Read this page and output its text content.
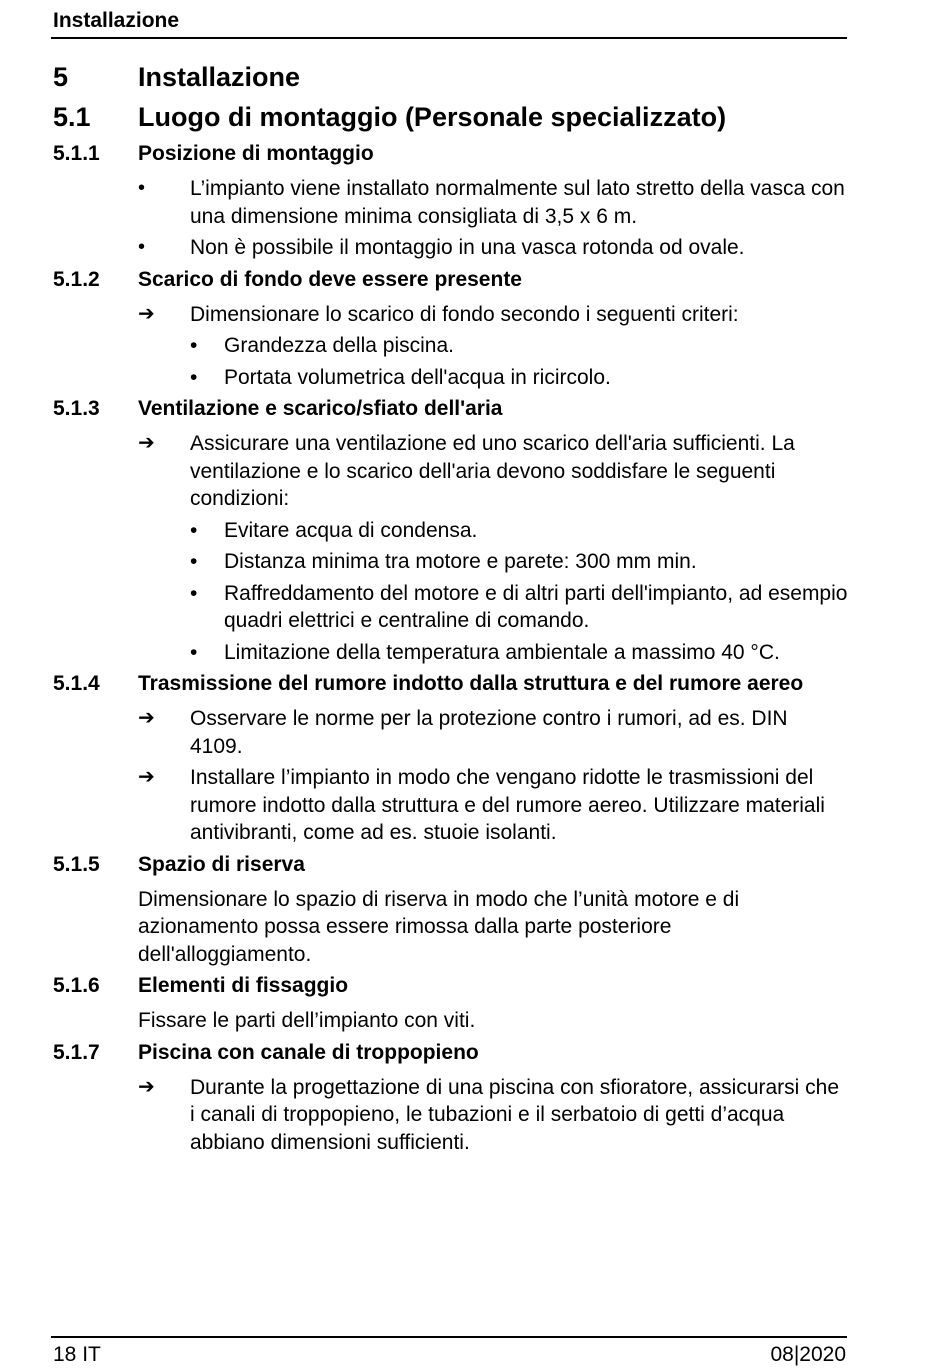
Installazione
5	Installazione
5.1	Luogo di montaggio (Personale specializzato)
5.1.1	Posizione di montaggio
•	L’impianto viene installato normalmente sul lato stretto della vasca con una dimensione minima consigliata di 3,5 x 6 m.
•	Non è possibile il montaggio in una vasca rotonda od ovale.
5.1.2	Scarico di fondo deve essere presente
➔	Dimensionare lo scarico di fondo secondo i seguenti criteri:
•	Grandezza della piscina.
•	Portata volumetrica dell'acqua in ricircolo.
5.1.3	Ventilazione e scarico/sfiato dell'aria
➔	Assicurare una ventilazione ed uno scarico dell'aria sufficienti. La ventilazione e lo scarico dell'aria devono soddisfare le seguenti condizioni:
•	Evitare acqua di condensa.
•	Distanza minima tra motore e parete: 300 mm min.
•	Raffreddamento del motore e di altri parti dell'impianto, ad esempio quadri elettrici e centraline di comando.
•	Limitazione della temperatura ambientale a massimo 40 °C.
5.1.4	Trasmissione del rumore indotto dalla struttura e del rumore aereo
➔	Osservare le norme per la protezione contro i rumori, ad es. DIN 4109.
➔	Installare l’impianto in modo che vengano ridotte le trasmissioni del rumore indotto dalla struttura e del rumore aereo. Utilizzare materiali antivibranti, come ad es. stuoie isolanti.
5.1.5	Spazio di riserva
Dimensionare lo spazio di riserva in modo che l’unità motore e di azionamento possa essere rimossa dalla parte posteriore dell'alloggiamento.
5.1.6	Elementi di fissaggio
Fissare le parti dell’impianto con viti.
5.1.7	Piscina con canale di troppopieno
➔	Durante la progettazione di una piscina con sfioratore, assicurarsi che i canali di troppopieno, le tubazioni e il serbatoio di getti d’acqua abbiano dimensioni sufficienti.
18 IT	08|2020
